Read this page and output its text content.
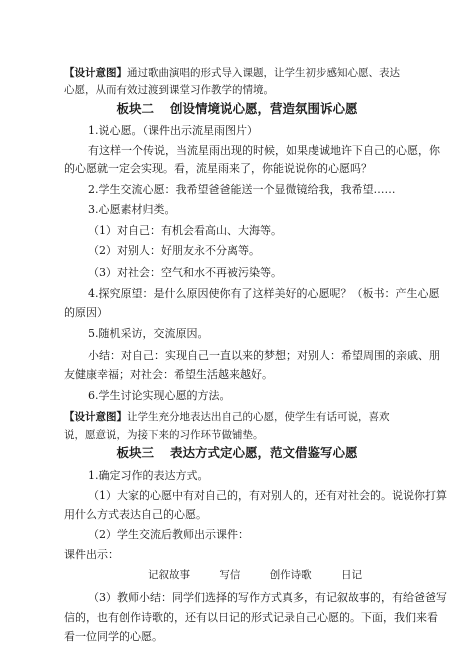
【设计意图】通过歌曲演唱的形式导入课题，让学生初步感知心愿、表达
心愿，从而有效过渡到课堂习作教学的情境。
板块二 创设情境说心愿，营造氛围诉心愿
1.说心愿。（课件出示流星雨图片）
有这样一个传说，当流星雨出现的时候，如果虔诚地许下自己的心愿，你
的心愿就一定会实现。看，流星雨来了，你能说说你的心愿吗？
2.学生交流心愿：我希望爸爸能送一个显微镜给我，我希望……
3.心愿素材归类。
（1）对自己：有机会看高山、大海等。
（2）对别人：好朋友永不分离等。
（3）对社会：空气和水不再被污染等。
4.探究原望：是什么原因使你有了这样美好的心愿呢？（板书：产生心愿
的原因）
5.随机采访，交流原因。
小结：对自己：实现自己一直以来的梦想；对别人：希望周围的亲戚、朋
友健康幸福；对社会：希望生活越来越好。
6.学生讨论实现心愿的方法。
【设计意图】让学生充分地表达出自己的心愿，使学生有话可说，喜欢
说，愿意说，为接下来的习作环节做铺垫。
板块三 表达方式定心愿，范文借鉴写心愿
1.确定习作的表达方式。
（1）大家的心愿中有对自己的，有对别人的，还有对社会的。说说你打算
用什么方式表达自己的心愿。
（2）学生交流后教师出示课件：
课件出示：
记叙故事	写信	创作诗歌	日记
（3）教师小结：同学们选择的写作方式真多，有记叙故事的，有给爸爸写
信的，也有创作诗歌的，还有以日记的形式记录自己心愿的。下面，我们来看
看一位同学的心愿。
